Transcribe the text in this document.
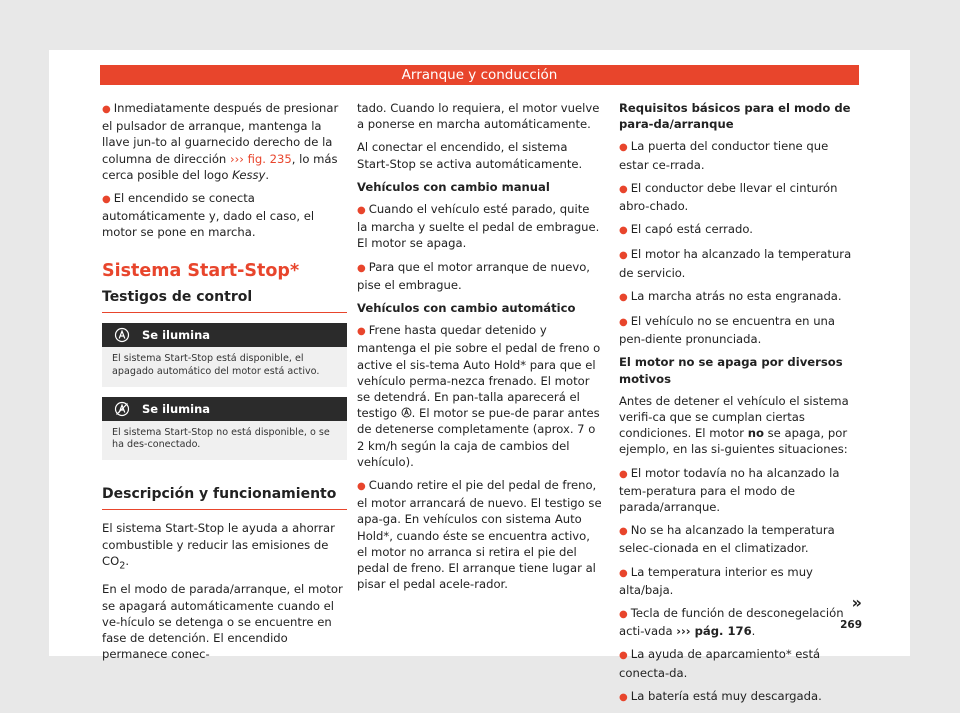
Arranque y conducción

● Inmediatamente después de presionar el pulsador de arranque, mantenga la llave jun-to al guarnecido derecho de la columna de dirección ››› fig. 235, lo más cerca posible del logo Kessy.

● El encendido se conecta automáticamente y, dado el caso, el motor se pone en marcha.

Sistema Start-Stop*
Testigos de control
Se ilumina
El sistema Start-Stop está disponible, el apagado automático del motor está activo.
Se ilumina
El sistema Start-Stop no está disponible, o se ha des-conectado.
Descripción y funcionamiento

El sistema Start-Stop le ayuda a ahorrar combustible y reducir las emisiones de $CO_2$.

En el modo de parada/arranque, el motor se apagará automáticamente cuando el ve-hículo se detenga o se encuentre en fase de detención. El encendido permanece conec-

tado. Cuando lo requiera, el motor vuelve a ponerse en marcha automáticamente.

Al conectar el encendido, el sistema Start-Stop se activa automáticamente.

Vehículos con cambio manual

● Cuando el vehículo esté parado, quite la marcha y suelte el pedal de embrague. El motor se apaga.

● Para que el motor arranque de nuevo, pise el embrague.

Vehículos con cambio automático

● Frene hasta quedar detenido y mantenga el pie sobre el pedal de freno o active el sis-tema Auto Hold* para que el vehículo perma-nezca frenado. El motor se detendrá. En pan-talla aparecerá el testigo . El motor se pue-de parar antes de detenerse completamente (aprox. 7 o 2 km/h según la caja de cambios del vehículo).

● Cuando retire el pie del pedal de freno, el motor arrancará de nuevo. El testigo se apa-ga. En vehículos con sistema Auto Hold*, cuando éste se encuentra activo, el motor no arranca si retira el pie del pedal de freno. El arranque tiene lugar al pisar el pedal acele-rador.

Requisitos básicos para el modo de para-da/arranque

● La puerta del conductor tiene que estar ce-rrada.

● El conductor debe llevar el cinturón abro-chado.

● El capó está cerrado.

● El motor ha alcanzado la temperatura de servicio.

● La marcha atrás no esta engranada.

● El vehículo no se encuentra en una pen-diente pronunciada.

El motor no se apaga por diversos motivos

Antes de detener el vehículo el sistema verifi-ca que se cumplan ciertas condiciones. El motor no se apaga, por ejemplo, en las si-guientes situaciones:

● El motor todavía no ha alcanzado la tem-peratura para el modo de parada/arranque.

● No se ha alcanzado la temperatura selec-cionada en el climatizador.

● La temperatura interior es muy alta/baja.

● Tecla de función de desconegelación acti-vada ››› pág. 176.

● La ayuda de aparcamiento* está conecta-da.

● La batería está muy descargada.

»
269
